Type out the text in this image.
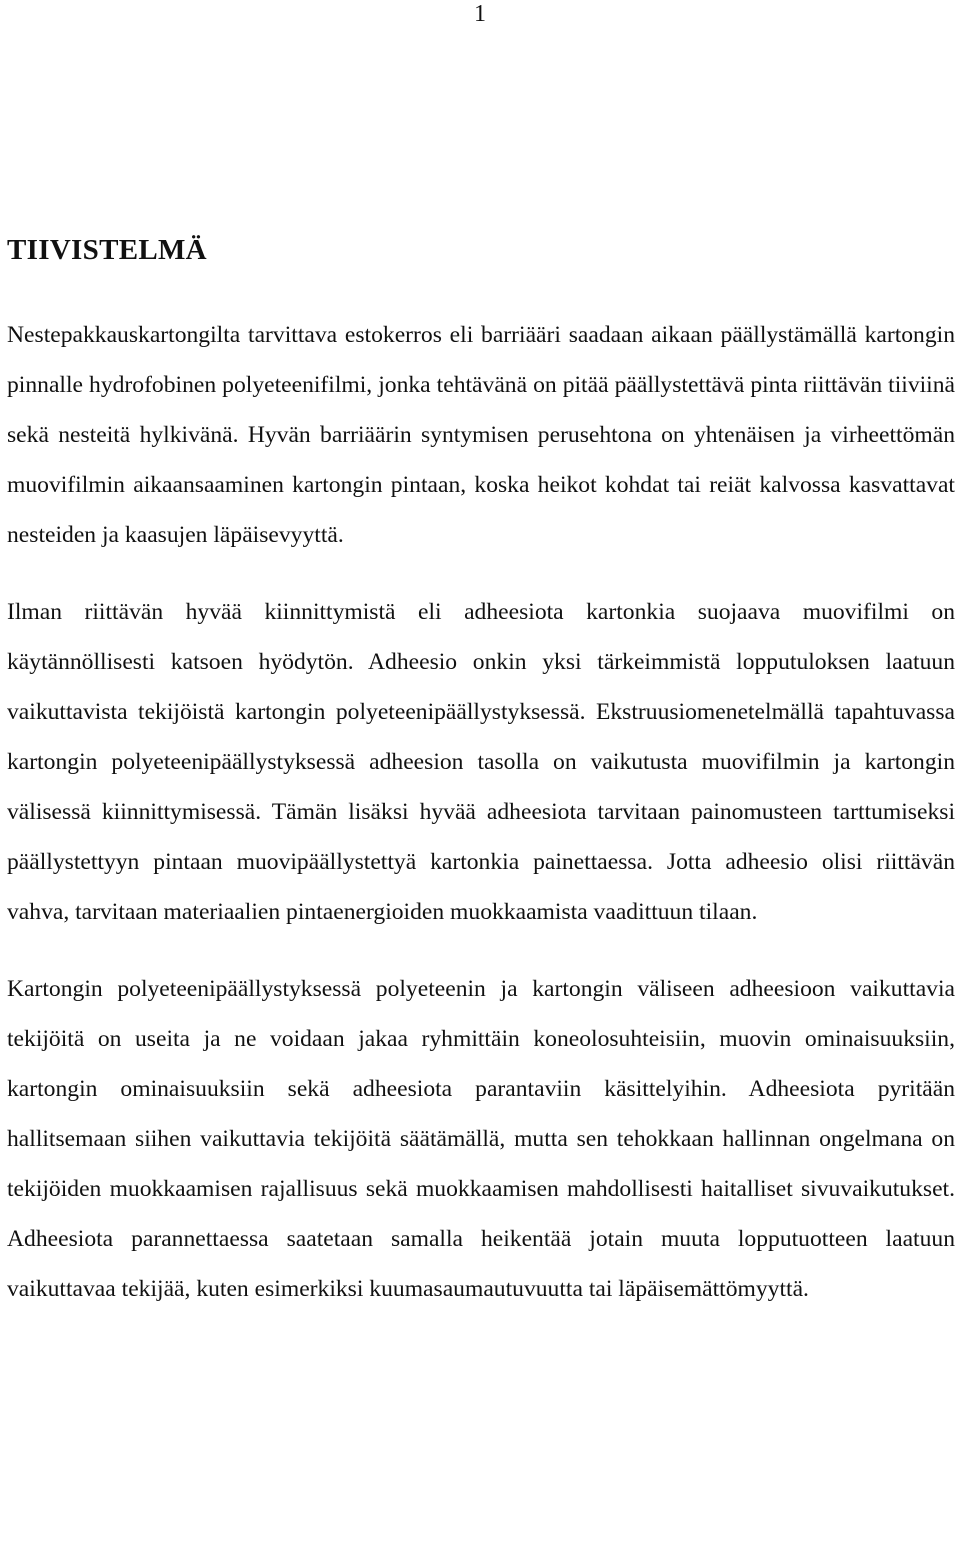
1
TIIVISTELMÄ

Nestepakkauskartongilta tarvittava estokerros eli barriääri saadaan aikaan päällystämällä kartongin pinnalle hydrofobinen polyeteenifilmi, jonka tehtävänä on pitää päällystettävä pinta riittävän tiiviinä sekä nesteitä hylkivänä. Hyvän barriäärin syntymisen perusehtona on yhtenäisen ja virheettömän muovifilmin aikaansaaminen kartongin pintaan, koska heikot kohdat tai reiät kalvossa kasvattavat nesteiden ja kaasujen läpäisevyyttä.

Ilman riittävän hyvää kiinnittymistä eli adheesiota kartonkia suojaava muovifilmi on käytännöllisesti katsoen hyödytön. Adheesio onkin yksi tärkeimmistä lopputuloksen laatuun vaikuttavista tekijöistä kartongin polyeteenipäällystyksessä. Ekstruusiomenetelmällä tapahtuvassa kartongin polyeteenipäällystyksessä adheesion tasolla on vaikutusta muovifilmin ja kartongin välisessä kiinnittymisessä. Tämän lisäksi hyvää adheesiota tarvitaan painomusteen tarttumiseksi päällystettyyn pintaan muovipäällystettyä kartonkia painettaessa. Jotta adheesio olisi riittävän vahva, tarvitaan materiaalien pintaenergioiden muokkaamista vaadittuun tilaan.

Kartongin polyeteenipäällystyksessä polyeteenin ja kartongin väliseen adheesioon vaikuttavia tekijöitä on useita ja ne voidaan jakaa ryhmittäin koneolosuhteisiin, muovin ominaisuuksiin, kartongin ominaisuuksiin sekä adheesiota parantaviin käsittelyihin. Adheesiota pyritään hallitsemaan siihen vaikuttavia tekijöitä säätämällä, mutta sen tehokkaan hallinnan ongelmana on tekijöiden muokkaamisen rajallisuus sekä muokkaamisen mahdollisesti haitalliset sivuvaikutukset. Adheesiota parannettaessa saatetaan samalla heikentää jotain muuta lopputuotteen laatuun vaikuttavaa tekijää, kuten esimerkiksi kuumasaumautuvuutta tai läpäisemättömyyttä.
